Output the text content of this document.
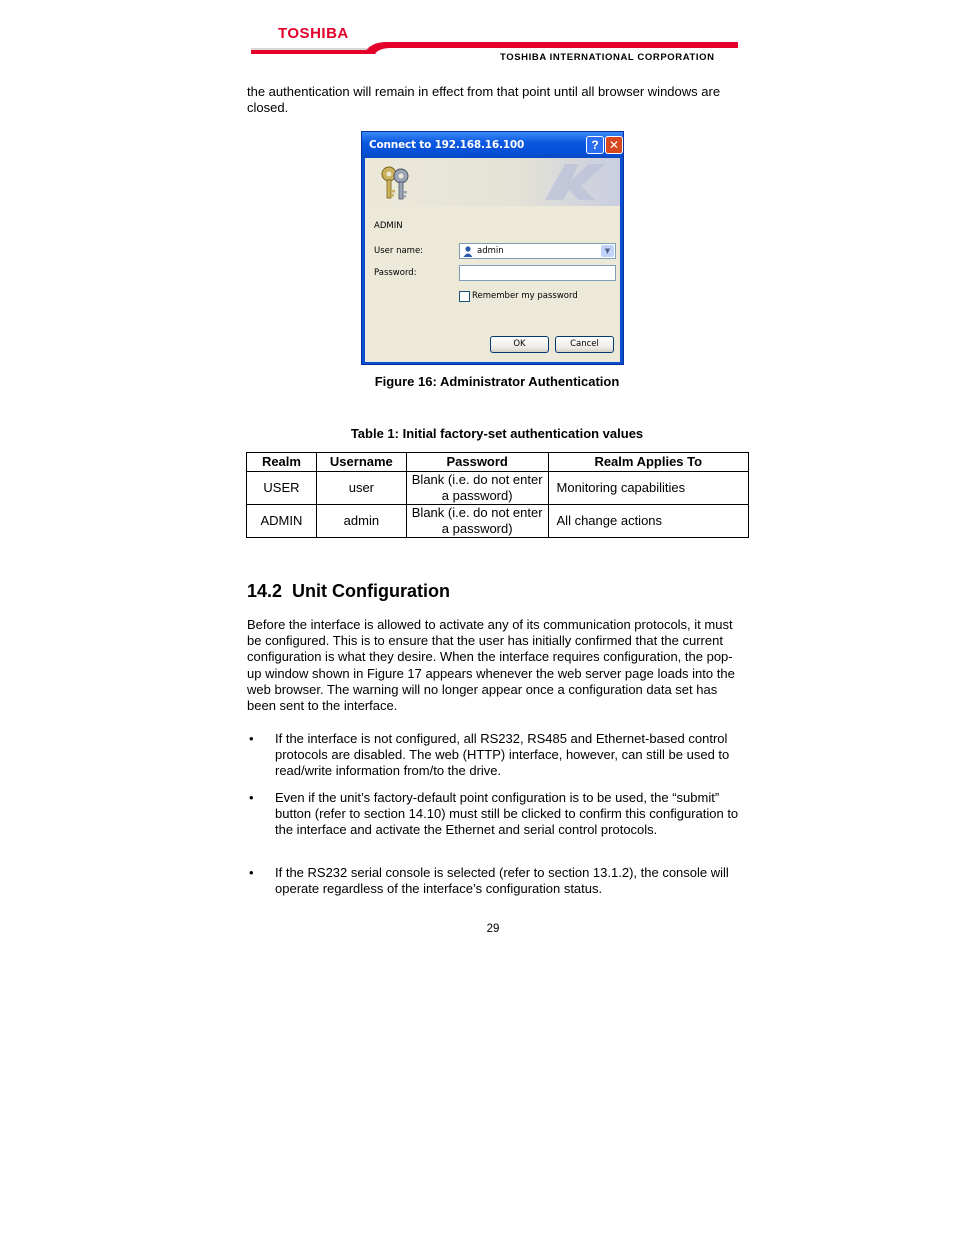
TOSHIBA
TOSHIBA INTERNATIONAL CORPORATION
the authentication will remain in effect from that point until all browser windows are closed.
Connect to 192.168.16.100	? ✕
ADMIN
User name:	admin	▼
Password:
Remember my password
OK	Cancel
Figure 16: Administrator Authentication
Table 1: Initial factory-set authentication values
Realm	Username	Password	Realm Applies To
USER	user	Blank (i.e. do not enter a password)	Monitoring capabilities
ADMIN	admin	Blank (i.e. do not enter a password)	All change actions
14.2  Unit Configuration
Before the interface is allowed to activate any of its communication protocols, it must be configured. This is to ensure that the user has initially confirmed that the current configuration is what they desire. When the interface requires configuration, the pop-up window shown in Figure 17 appears whenever the web server page loads into the web browser. The warning will no longer appear once a configuration data set has been sent to the interface.
• If the interface is not configured, all RS232, RS485 and Ethernet-based control protocols are disabled. The web (HTTP) interface, however, can still be used to read/write information from/to the drive.
• Even if the unit’s factory-default point configuration is to be used, the “submit” button (refer to section 14.10) must still be clicked to confirm this configuration to the interface and activate the Ethernet and serial control protocols.
• If the RS232 serial console is selected (refer to section 13.1.2), the console will operate regardless of the interface’s configuration status.
29
